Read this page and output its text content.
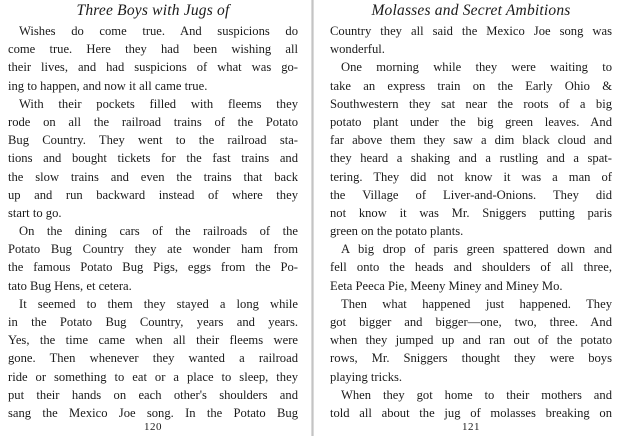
Three Boys with Jugs of
Wishes do come true. And suspicions do
come true. Here they had been wishing all
their lives, and had suspicions of what was go-
ing to happen, and now it all came true.
With their pockets filled with fleems they
rode on all the railroad trains of the Potato
Bug Country. They went to the railroad sta-
tions and bought tickets for the fast trains and
the slow trains and even the trains that back
up and run backward instead of where they
start to go.
On the dining cars of the railroads of the
Potato Bug Country they ate wonder ham from
the famous Potato Bug Pigs, eggs from the Po-
tato Bug Hens, et cetera.
It seemed to them they stayed a long while
in the Potato Bug Country, years and years.
Yes, the time came when all their fleems were
gone. Then whenever they wanted a railroad
ride or something to eat or a place to sleep, they
put their hands on each other's shoulders and
sang the Mexico Joe song. In the Potato Bug
120
Molasses and Secret Ambitions
Country they all said the Mexico Joe song was
wonderful.
One morning while they were waiting to
take an express train on the Early Ohio &
Southwestern they sat near the roots of a big
potato plant under the big green leaves. And
far above them they saw a dim black cloud and
they heard a shaking and a rustling and a spat-
tering. They did not know it was a man of
the Village of Liver-and-Onions. They did
not know it was Mr. Sniggers putting paris
green on the potato plants.
A big drop of paris green spattered down and
fell onto the heads and shoulders of all three,
Eeta Peeca Pie, Meeny Miney and Miney Mo.
Then what happened just happened. They
got bigger and bigger—one, two, three. And
when they jumped up and ran out of the potato
rows, Mr. Sniggers thought they were boys
playing tricks.
When they got home to their mothers and
told all about the jug of molasses breaking on
121
